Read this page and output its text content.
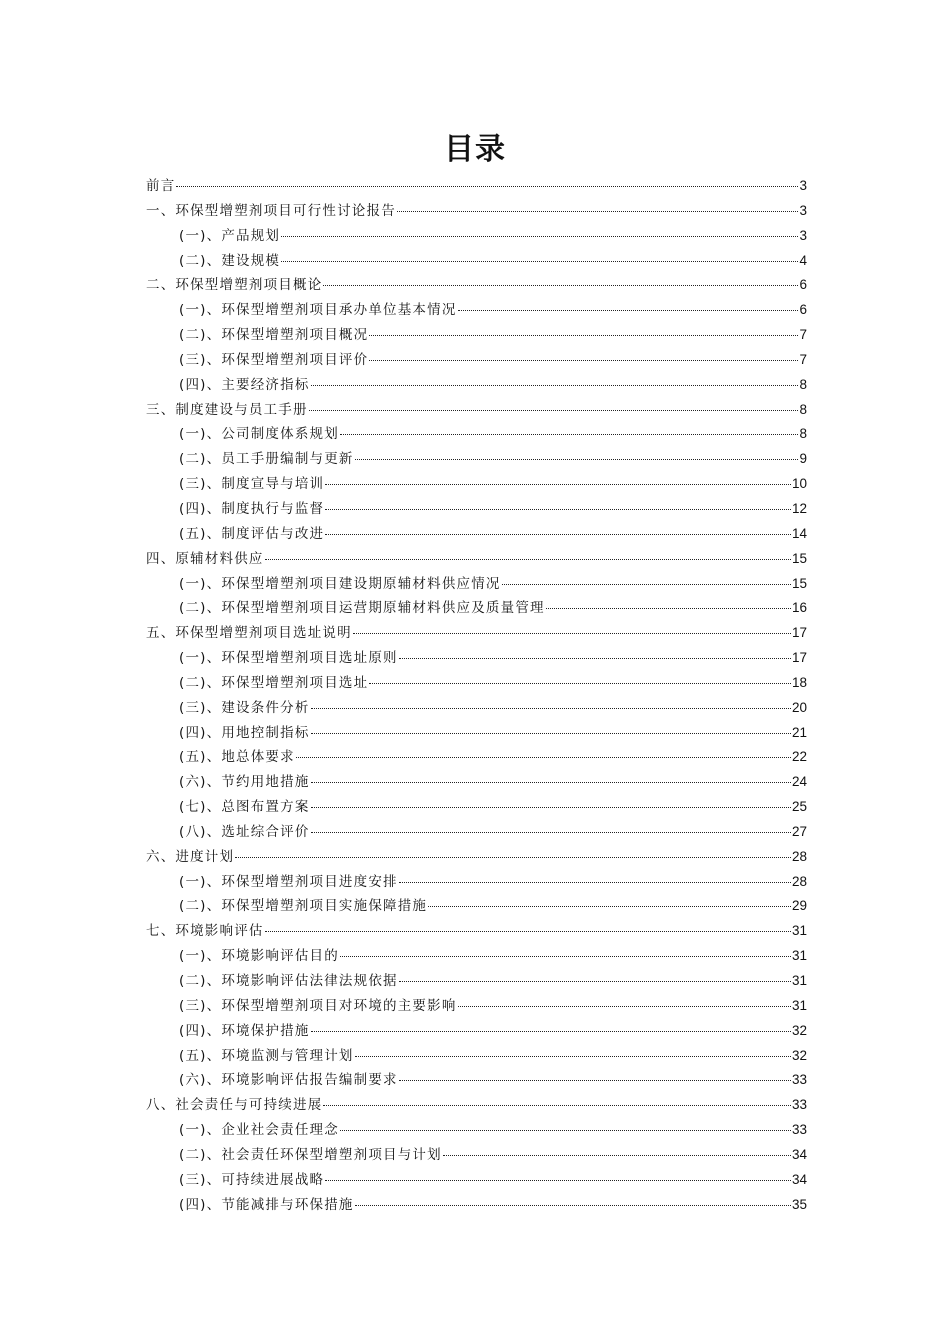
目录
前言	3
一、环保型增塑剂项目可行性讨论报告	3
(一)、产品规划	3
(二)、建设规模	4
二、环保型增塑剂项目概论	6
(一)、环保型增塑剂项目承办单位基本情况	6
(二)、环保型增塑剂项目概况	7
(三)、环保型增塑剂项目评价	7
(四)、主要经济指标	8
三、制度建设与员工手册	8
(一)、公司制度体系规划	8
(二)、员工手册编制与更新	9
(三)、制度宣导与培训	10
(四)、制度执行与监督	12
(五)、制度评估与改进	14
四、原辅材料供应	15
(一)、环保型增塑剂项目建设期原辅材料供应情况	15
(二)、环保型增塑剂项目运营期原辅材料供应及质量管理	16
五、环保型增塑剂项目选址说明	17
(一)、环保型增塑剂项目选址原则	17
(二)、环保型增塑剂项目选址	18
(三)、建设条件分析	20
(四)、用地控制指标	21
(五)、地总体要求	22
(六)、节约用地措施	24
(七)、总图布置方案	25
(八)、选址综合评价	27
六、进度计划	28
(一)、环保型增塑剂项目进度安排	28
(二)、环保型增塑剂项目实施保障措施	29
七、环境影响评估	31
(一)、环境影响评估目的	31
(二)、环境影响评估法律法规依据	31
(三)、环保型增塑剂项目对环境的主要影响	31
(四)、环境保护措施	32
(五)、环境监测与管理计划	32
(六)、环境影响评估报告编制要求	33
八、社会责任与可持续进展	33
(一)、企业社会责任理念	33
(二)、社会责任环保型增塑剂项目与计划	34
(三)、可持续进展战略	34
(四)、节能减排与环保措施	35
